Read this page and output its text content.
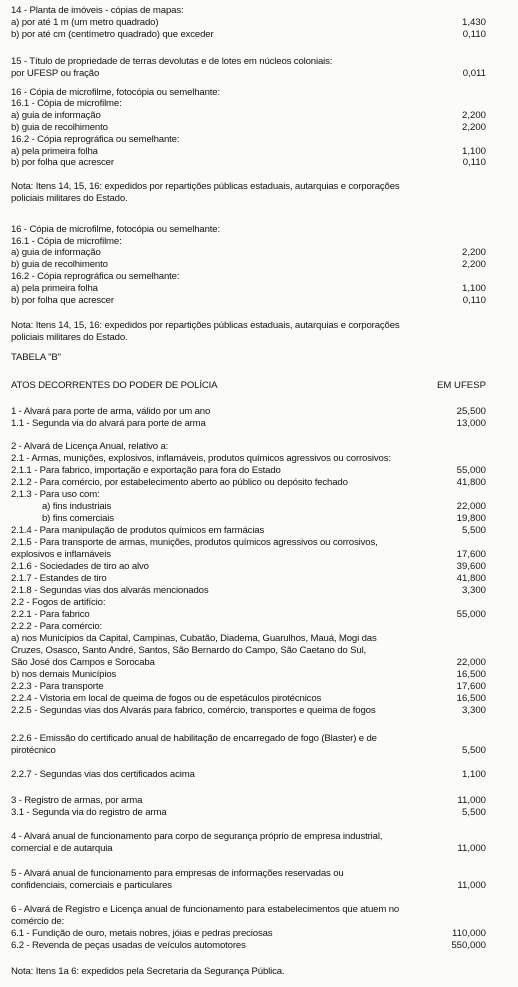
14 - Planta de imóveis - cópias de mapas:
a) por até 1 m (um metro quadrado)	1,430
b) por até cm (centímetro quadrado) que exceder	0,110
15 - Título de propriedade de terras devolutas e de lotes em núcleos coloniais:
por UFESP ou fração	0,011
16 - Cópia de microfilme, fotocópia ou semelhante:
16.1 - Cópia de microfilme:
a) guia de informação	2,200
b) guia de recolhimento	2,200
16.2 - Cópia reprográfica ou semelhante:
a) pela primeira folha	1,100
b) por folha que acrescer	0,110
Nota: Itens 14, 15, 16: expedidos por repartições públicas estaduais, autarquias e corporações
policiais militares do Estado.
16 - Cópia de microfilme, fotocópia ou semelhante:
16.1 - Cópia de microfilme:
a) guia de informação	2,200
b) guia de recolhimento	2,200
16.2 - Cópia reprográfica ou semelhante:
a) pela primeira folha	1,100
b) por folha que acrescer	0,110
Nota: Itens 14, 15, 16: expedidos por repartições públicas estaduais, autarquias e corporações
policiais militares do Estado.
TABELA "B"
ATOS DECORRENTES DO PODER DE POLÍCIA	EM UFESP
1 - Alvará para porte de arma, válido por um ano	25,500
1.1 - Segunda via do alvará para porte de arma	13,000
2 - Alvará de Licença Anual, relativo a:
2.1 - Armas, munições, explosivos, inflamáveis, produtos químicos agressivos ou corrosivos:
2.1.1 - Para fabrico, importação e exportação para fora do Estado	55,000
2.1.2 - Para comércio, por estabelecimento aberto ao público ou depósito fechado	41,800
2.1.3 - Para uso com:
a) fins industriais	22,000
b) fins comerciais	19,800
2.1.4 - Para manipulação de produtos químicos em farmácias	5,500
2.1.5 - Para transporte de armas, munições, produtos químicos agressivos ou corrosivos,
explosivos e inflamáveis	17,600
2.1.6 - Sociedades de tiro ao alvo	39,600
2.1.7 - Estandes de tiro	41,800
2.1.8 - Segundas vias dos alvarás mencionados	3,300
2.2 - Fogos de artifício:
2.2.1 - Para fabrico	55,000
2.2.2 - Para comércio:
a) nos Municípios da Capital, Campinas, Cubatão, Diadema, Guarulhos, Mauá, Mogi das
Cruzes, Osasco, Santo André, Santos, São Bernardo do Campo, São Caetano do Sul,
São José dos Campos e Sorocaba	22,000
b) nos demais Municípios	16,500
2.2.3 - Para transporte	17,600
2.2.4 - Vistoria em local de queima de fogos ou de espetáculos pirotécnicos	16,500
2.2.5 - Segundas vias dos Alvarás para fabrico, comércio, transportes e queima de fogos	3,300
2.2.6 - Emissão do certificado anual de habilitação de encarregado de fogo (Blaster) e de
pirotécnico	5,500
2.2.7 - Segundas vias dos certificados acima	1,100
3 - Registro de armas, por arma	11,000
3.1 - Segunda via do registro de arma	5,500
4 - Alvará anual de funcionamento para corpo de segurança próprio de empresa industrial,
comercial e de autarquia	11,000
5 - Alvará anual de funcionamento para empresas de informações reservadas ou
confidenciais, comerciais e particulares	11,000
6 - Alvará de Registro e Licença anual de funcionamento para estabelecimentos que atuem no
comércio de:
6.1 - Fundição de ouro, metais nobres, jóias e pedras preciosas	110,000
6.2 - Revenda de peças usadas de veículos automotores	550,000
Nota: Itens 1a 6: expedidos pela Secretaria da Segurança Pública.
